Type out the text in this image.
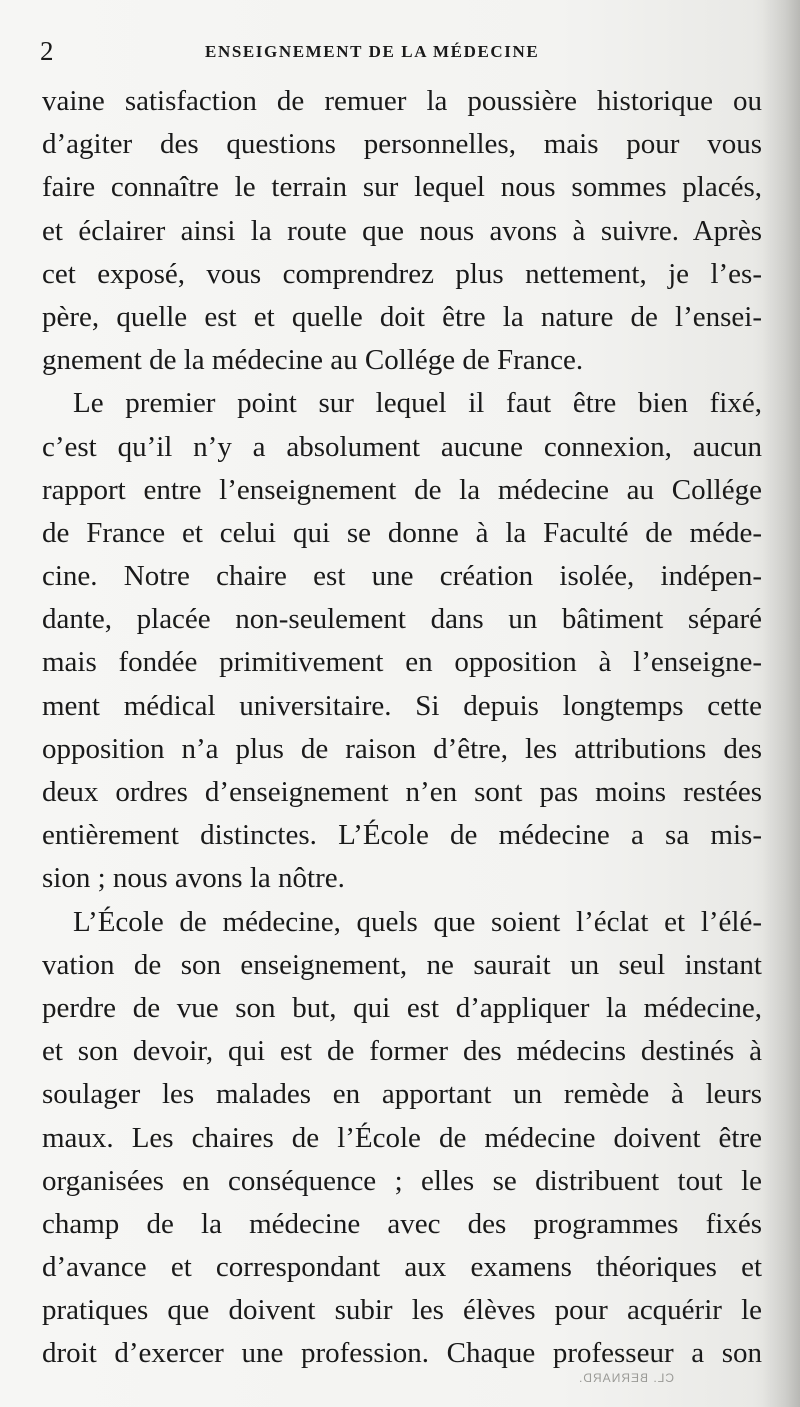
2	ENSEIGNEMENT DE LA MÉDECINE
vaine satisfaction de remuer la poussière historique ou
d’agiter des questions personnelles, mais pour vous
faire connaître le terrain sur lequel nous sommes placés,
et éclairer ainsi la route que nous avons à suivre. Après
cet exposé, vous comprendrez plus nettement, je l’es-
père, quelle est et quelle doit être la nature de l’ensei-
gnement de la médecine au Collége de France.
Le premier point sur lequel il faut être bien fixé,
c’est qu’il n’y a absolument aucune connexion, aucun
rapport entre l’enseignement de la médecine au Collége
de France et celui qui se donne à la Faculté de méde-
cine. Notre chaire est une création isolée, indépen-
dante, placée non-seulement dans un bâtiment séparé
mais fondée primitivement en opposition à l’enseigne-
ment médical universitaire. Si depuis longtemps cette
opposition n’a plus de raison d’être, les attributions des
deux ordres d’enseignement n’en sont pas moins restées
entièrement distinctes. L’École de médecine a sa mis-
sion ; nous avons la nôtre.
L’École de médecine, quels que soient l’éclat et l’élé-
vation de son enseignement, ne saurait un seul instant
perdre de vue son but, qui est d’appliquer la médecine,
et son devoir, qui est de former des médecins destinés à
soulager les malades en apportant un remède à leurs
maux. Les chaires de l’École de médecine doivent être
organisées en conséquence ; elles se distribuent tout le
champ de la médecine avec des programmes fixés
d’avance et correspondant aux examens théoriques et
pratiques que doivent subir les élèves pour acquérir le
droit d’exercer une profession. Chaque professeur a son
CL. BERNARD.
